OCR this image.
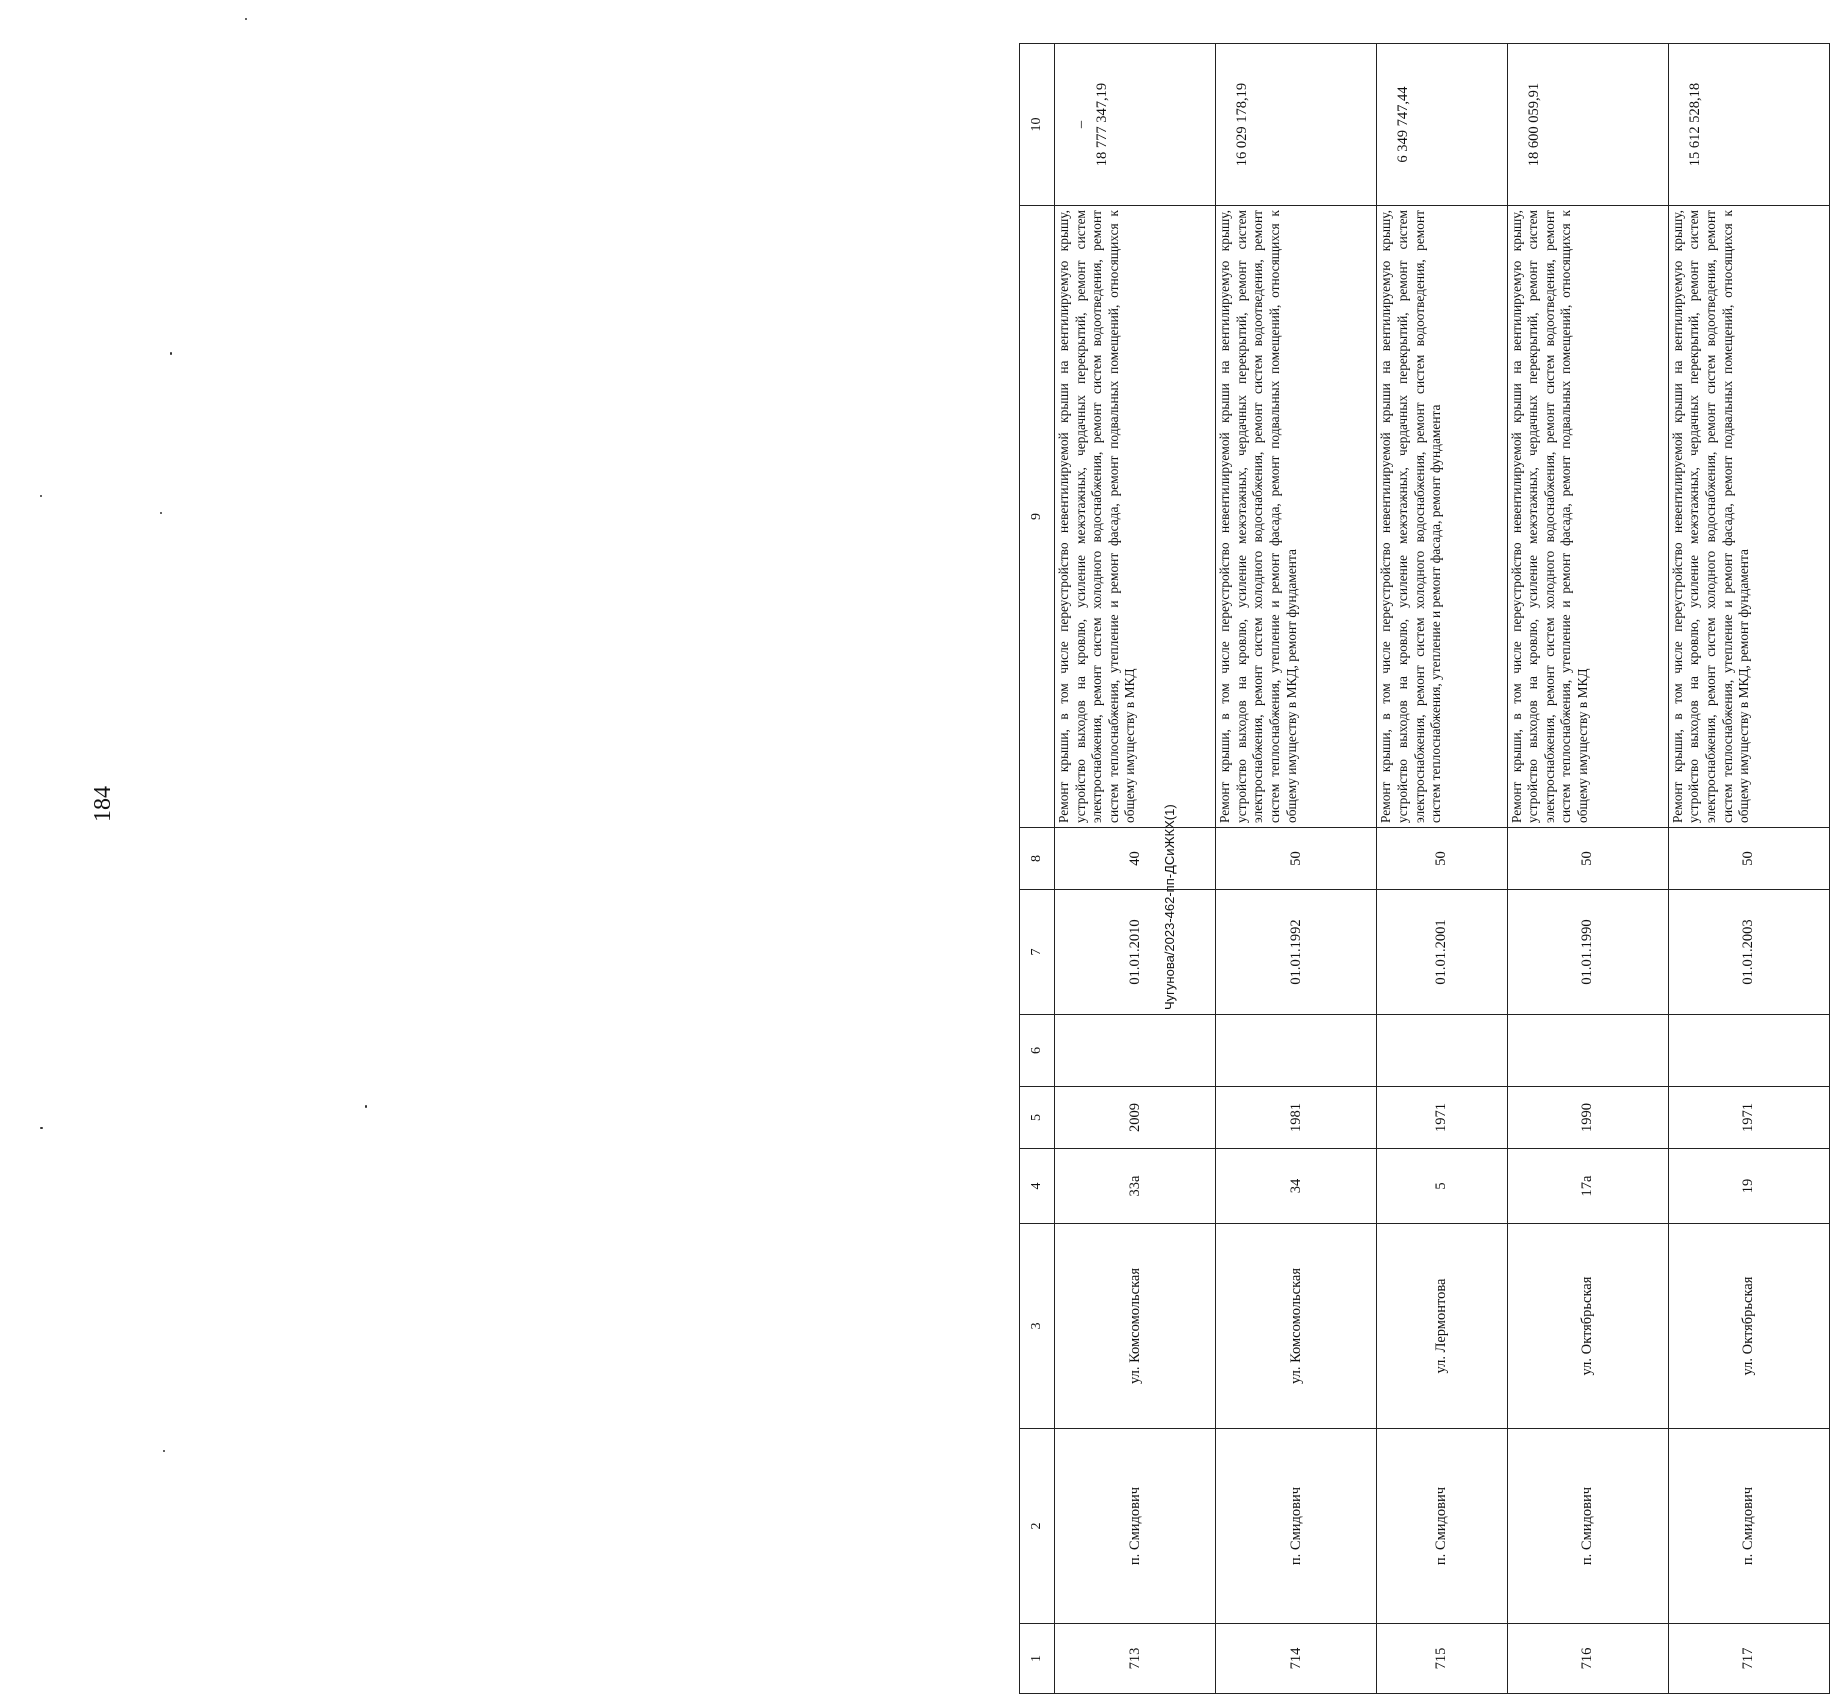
184
Чугунова/2023-462-пп-ДСиЖКХ(1)
1	2	3	4	5	6	7	8	9	10
713	п. Смидович	ул. Комсомольская	33а	2009		01.01.2010	40	Ремонт крыши, в том числе переустройство невентилируемой крыши на вентилируемую крышу, устройство выходов на кровлю, усиление межэтажных, чердачных перекрытий, ремонт систем электроснабжения, ремонт систем холодного водоснабжения, ремонт систем водоотведения, ремонт систем теплоснабжения, утепление и ремонт фасада, ремонт подвальных помещений, относящихся к общему имуществу в МКД	– 18 777 347,19

714	п. Смидович	ул. Комсомольская	34	1981		01.01.1992	50	Ремонт крыши, в том числе переустройство невентилируемой крыши на вентилируемую крышу, устройство выходов на кровлю, усиление межэтажных, чердачных перекрытий, ремонт систем электроснабжения, ремонт систем холодного водоснабжения, ремонт систем водоотведения, ремонт систем теплоснабжения, утепление и ремонт фасада, ремонт подвальных помещений, относящихся к общему имуществу в МКД, ремонт фундамента	16 029 178,19
715	п. Смидович	ул. Лермонтова	5	1971		01.01.2001	50	Ремонт крыши, в том числе переустройство невентилируемой крыши на вентилируемую крышу, устройство выходов на кровлю, усиление межэтажных, чердачных перекрытий, ремонт систем электроснабжения, ремонт систем холодного водоснабжения, ремонт систем водоотведения, ремонт систем теплоснабжения, утепление и ремонт фасада, ремонт фундамента	6 349 747,44
716	п. Смидович	ул. Октябрьская	17а	1990		01.01.1990	50	Ремонт крыши, в том числе переустройство невентилируемой крыши на вентилируемую крышу, устройство выходов на кровлю, усиление межэтажных, чердачных перекрытий, ремонт систем электроснабжения, ремонт систем холодного водоснабжения, ремонт систем водоотведения, ремонт систем теплоснабжения, утепление и ремонт фасада, ремонт подвальных помещений, относящихся к общему имуществу в МКД	18 600 059,91
717	п. Смидович	ул. Октябрьская	19	1971		01.01.2003	50	Ремонт крыши, в том числе переустройство невентилируемой крыши на вентилируемую крышу, устройство выходов на кровлю, усиление межэтажных, чердачных перекрытий, ремонт систем электроснабжения, ремонт систем холодного водоснабжения, ремонт систем водоотведения, ремонт систем теплоснабжения, утепление и ремонт фасада, ремонт подвальных помещений, относящихся к общему имуществу в МКД, ремонт фундамента	15 612 528,18
